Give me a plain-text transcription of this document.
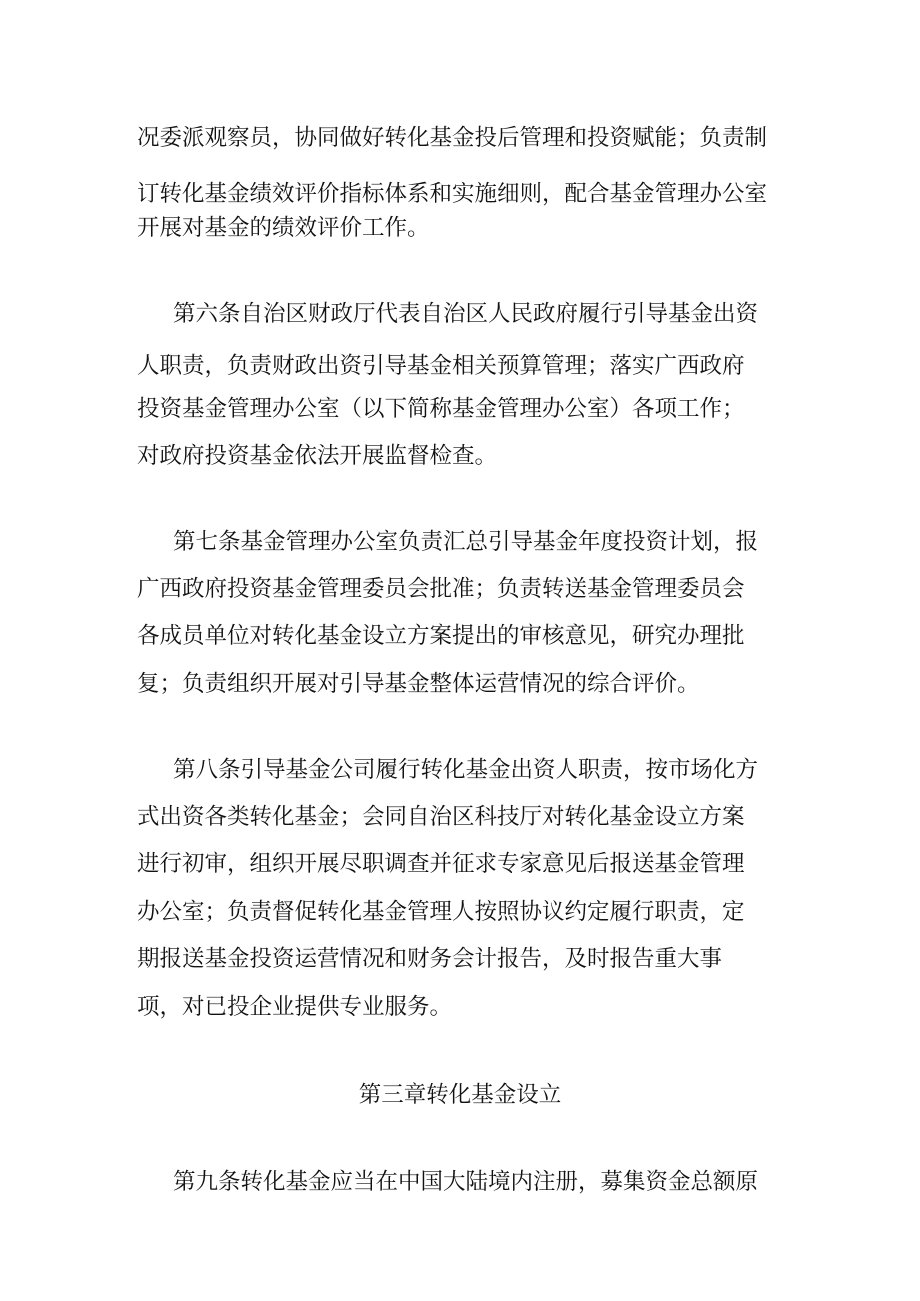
况委派观察员，协同做好转化基金投后管理和投资赋能；负责制
订转化基金绩效评价指标体系和实施细则，配合基金管理办公室
开展对基金的绩效评价工作。
第六条自治区财政厅代表自治区人民政府履行引导基金出资
人职责，负责财政出资引导基金相关预算管理；落实广西政府
投资基金管理办公室（以下简称基金管理办公室）各项工作；
对政府投资基金依法开展监督检查。
第七条基金管理办公室负责汇总引导基金年度投资计划，报
广西政府投资基金管理委员会批准；负责转送基金管理委员会
各成员单位对转化基金设立方案提出的审核意见，研究办理批
复；负责组织开展对引导基金整体运营情况的综合评价。
第八条引导基金公司履行转化基金出资人职责，按市场化方
式出资各类转化基金；会同自治区科技厅对转化基金设立方案
进行初审，组织开展尽职调查并征求专家意见后报送基金管理
办公室；负责督促转化基金管理人按照协议约定履行职责，定
期报送基金投资运营情况和财务会计报告，及时报告重大事
项，对已投企业提供专业服务。
第三章转化基金设立
第九条转化基金应当在中国大陆境内注册，募集资金总额原
